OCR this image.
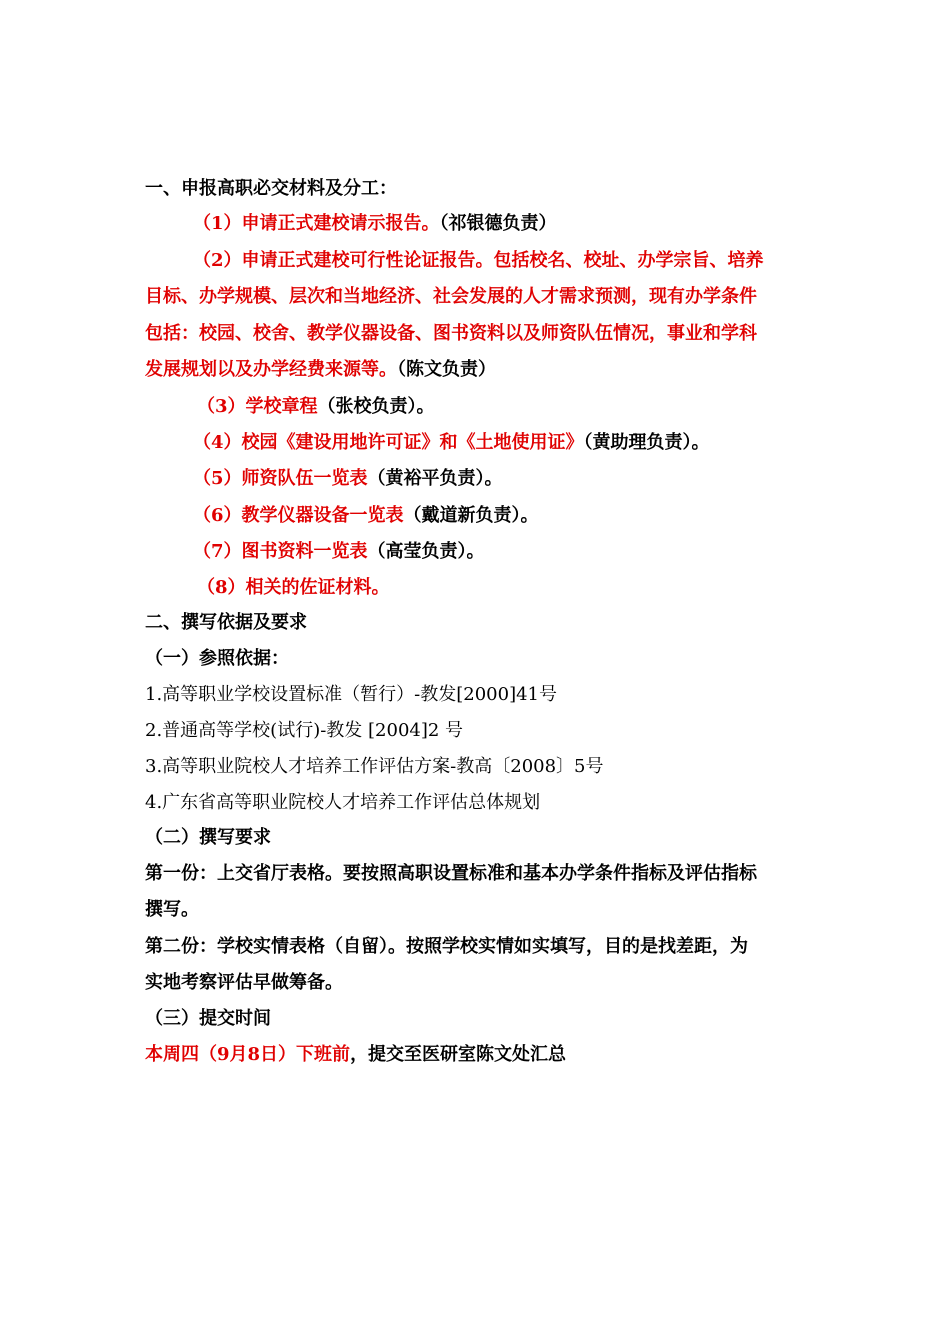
一、申报高职必交材料及分工：
（1）申请正式建校请示报告。（祁银德负责）
（2）申请正式建校可行性论证报告。包括校名、校址、办学宗旨、培养
目标、办学规模、层次和当地经济、社会发展的人才需求预测，现有办学条件
包括：校园、校舍、教学仪器设备、图书资料以及师资队伍情况，事业和学科
发展规划以及办学经费来源等。（陈文负责）
（3）学校章程（张校负责）。
（4）校园《建设用地许可证》和《土地使用证》（黄助理负责）。
（5）师资队伍一览表（黄裕平负责）。
（6）教学仪器设备一览表（戴道新负责）。
（7）图书资料一览表（高莹负责）。
（8）相关的佐证材料。
二、撰写依据及要求
（一）参照依据：
1.高等职业学校设置标准（暂行）-教发[2000]41号
2.普通高等学校(试行)-教发 [2004]2 号
3.高等职业院校人才培养工作评估方案-教高〔2008〕5号
4.广东省高等职业院校人才培养工作评估总体规划
（二）撰写要求
第一份：上交省厅表格。要按照高职设置标准和基本办学条件指标及评估指标
撰写。
第二份：学校实情表格（自留）。按照学校实情如实填写，目的是找差距，为
实地考察评估早做筹备。
（三）提交时间
本周四（9月8日）下班前，提交至医研室陈文处汇总
